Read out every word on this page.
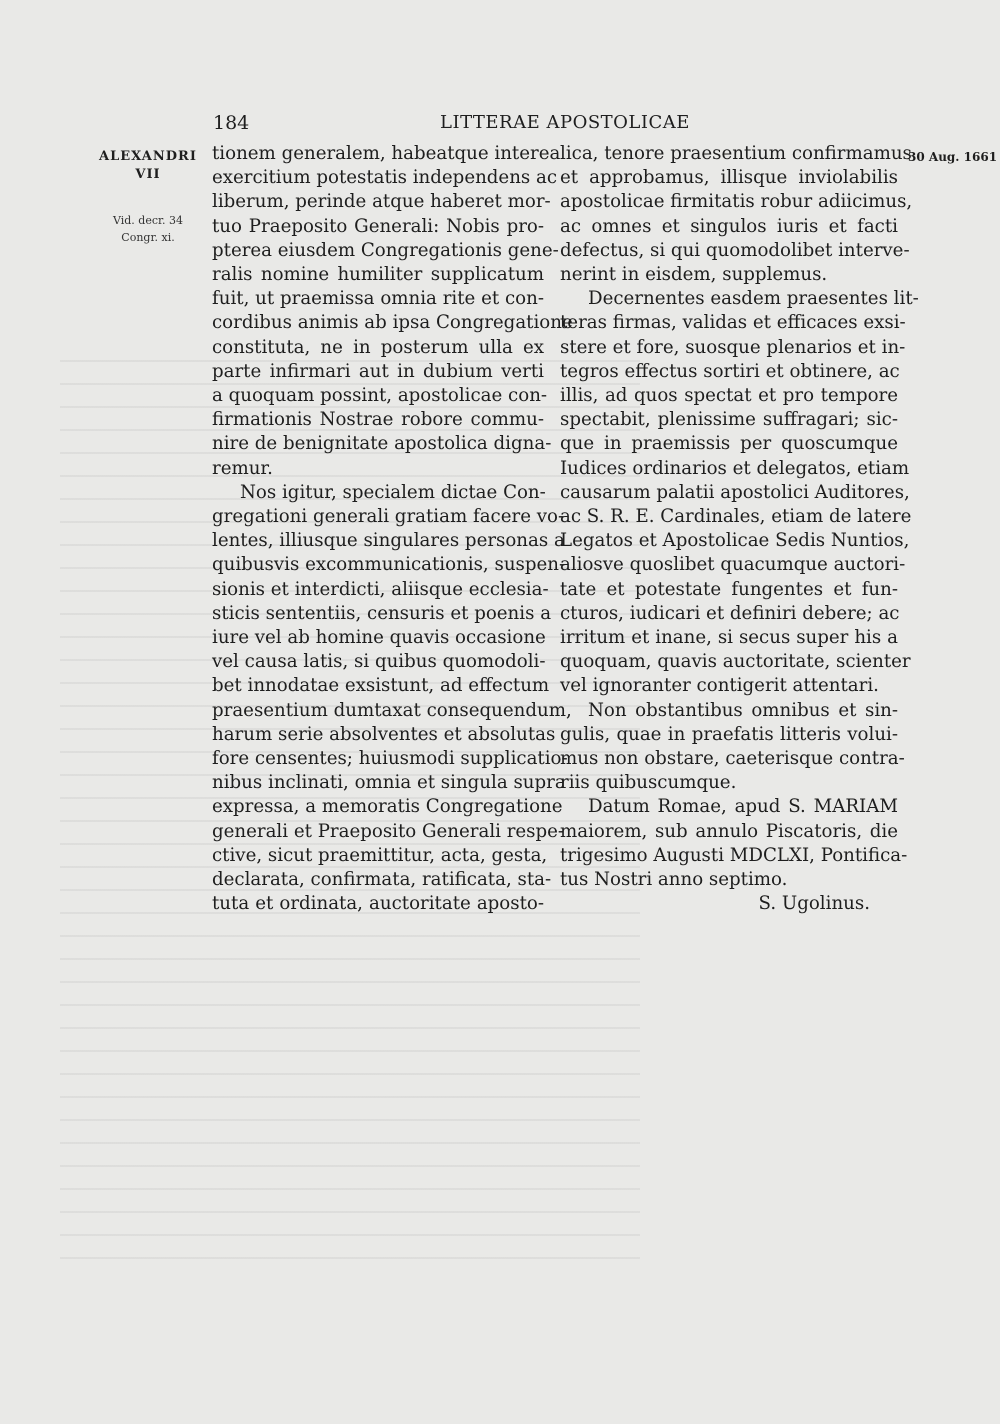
184	LITTERAE APOSTOLICAE
ALEXANDRI
VII
Vid. decr. 34
Congr. xi.
30 Aug. 1661
tionem generalem, habeatque interea
exercitium potestatis independens ac
liberum, perinde atque haberet mor-
tuo Praeposito Generali: Nobis pro-
pterea eiusdem Congregationis gene-
ralis nomine humiliter supplicatum
fuit, ut praemissa omnia rite et con-
cordibus animis ab ipsa Congregatione
constituta, ne in posterum ulla ex
parte infirmari aut in dubium verti
a quoquam possint, apostolicae con-
firmationis Nostrae robore commu-
nire de benignitate apostolica digna-
remur.
Nos igitur, specialem dictae Con-
gregationi generali gratiam facere vo-
lentes, illiusque singulares personas a
quibusvis excommunicationis, suspen-
sionis et interdicti, aliisque ecclesia-
sticis sententiis, censuris et poenis a
iure vel ab homine quavis occasione
vel causa latis, si quibus quomodoli-
bet innodatae exsistunt, ad effectum
praesentium dumtaxat consequendum,
harum serie absolventes et absolutas
fore censentes; huiusmodi supplicatio-
nibus inclinati, omnia et singula supra
expressa, a memoratis Congregatione
generali et Praeposito Generali respe-
ctive, sicut praemittitur, acta, gesta,
declarata, confirmata, ratificata, sta-
tuta et ordinata, auctoritate aposto-
lica, tenore praesentium confirmamus
et approbamus, illisque inviolabilis
apostolicae firmitatis robur adiicimus,
ac omnes et singulos iuris et facti
defectus, si qui quomodolibet interve-
nerint in eisdem, supplemus.
Decernentes easdem praesentes lit-
teras firmas, validas et efficaces exsi-
stere et fore, suosque plenarios et in-
tegros effectus sortiri et obtinere, ac
illis, ad quos spectat et pro tempore
spectabit, plenissime suffragari; sic-
que in praemissis per quoscumque
Iudices ordinarios et delegatos, etiam
causarum palatii apostolici Auditores,
ac S. R. E. Cardinales, etiam de latere
Legatos et Apostolicae Sedis Nuntios,
aliosve quoslibet quacumque auctori-
tate et potestate fungentes et fun-
cturos, iudicari et definiri debere; ac
irritum et inane, si secus super his a
quoquam, quavis auctoritate, scienter
vel ignoranter contigerit attentari.
Non obstantibus omnibus et sin-
gulis, quae in praefatis litteris volui-
mus non obstare, caeterisque contra-
riis quibuscumque.
Datum Romae, apud S. MARIAM
maiorem, sub annulo Piscatoris, die
trigesimo Augusti MDCLXI, Pontifica-
tus Nostri anno septimo.
S. Ugolinus.
